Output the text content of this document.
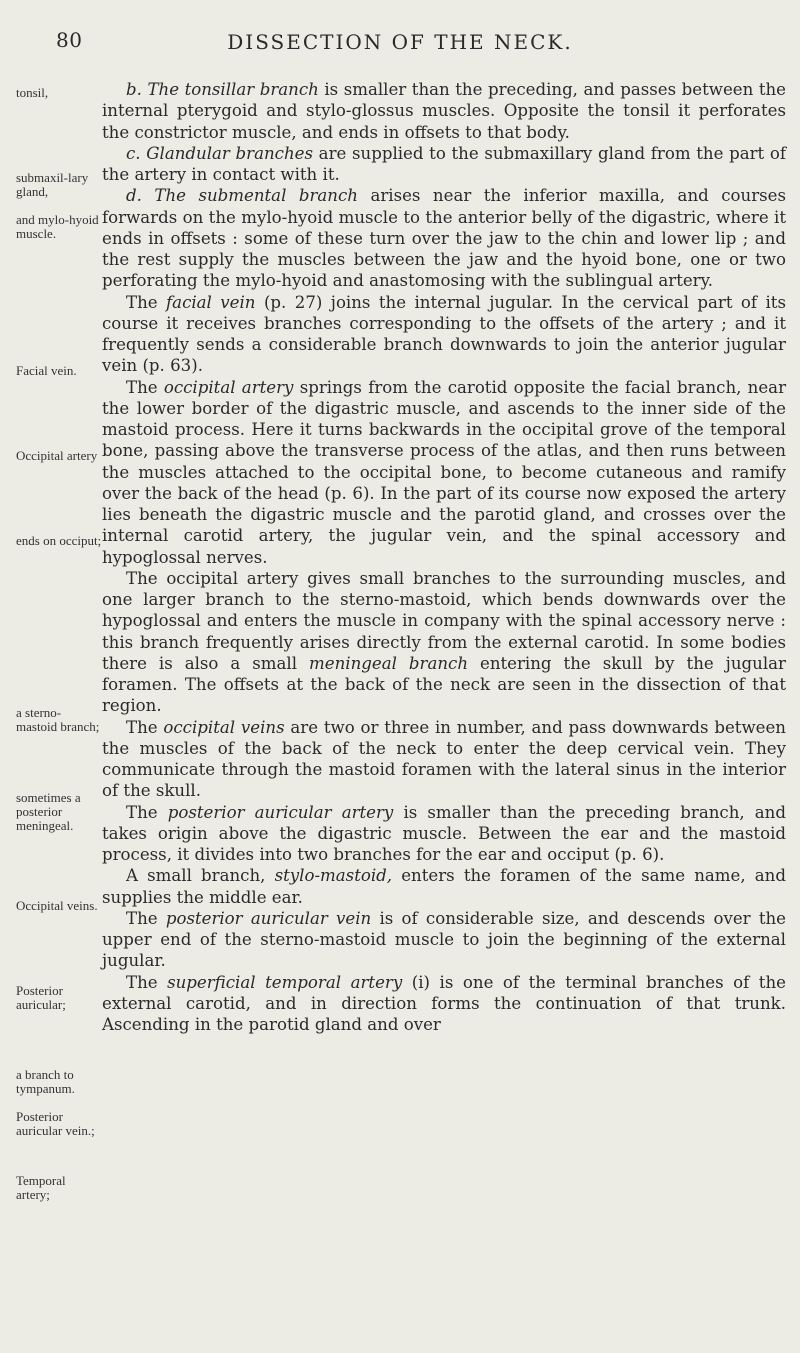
80	DISSECTION OF THE NECK.
tonsil,
submaxil-lary gland,
and mylo-hyoid muscle.
Facial vein.
Occipital artery
ends on occiput;
a sterno-mastoid branch;
sometimes a posterior meningeal.
Occipital veins.
Posterior auricular;
a branch to tympanum.
Posterior auricular vein.;
Temporal artery;

b. The tonsillar branch is smaller than the preceding, and passes between the internal pterygoid and stylo-glossus muscles. Opposite the tonsil it perforates the constrictor muscle, and ends in offsets to that body.

c. Glandular branches are supplied to the submaxillary gland from the part of the artery in contact with it.

d. The submental branch arises near the inferior maxilla, and courses forwards on the mylo-hyoid muscle to the anterior belly of the digastric, where it ends in offsets : some of these turn over the jaw to the chin and lower lip ; and the rest supply the muscles between the jaw and the hyoid bone, one or two perforating the mylo-hyoid and anastomosing with the sublingual artery.

The facial vein (p. 27) joins the internal jugular. In the cervical part of its course it receives branches corresponding to the offsets of the artery ; and it frequently sends a considerable branch downwards to join the anterior jugular vein (p. 63).

The occipital artery springs from the carotid opposite the facial branch, near the lower border of the digastric muscle, and ascends to the inner side of the mastoid process. Here it turns backwards in the occipital grove of the temporal bone, passing above the transverse process of the atlas, and then runs between the muscles attached to the occipital bone, to become cutaneous and ramify over the back of the head (p. 6). In the part of its course now exposed the artery lies beneath the digastric muscle and the parotid gland, and crosses over the internal carotid artery, the jugular vein, and the spinal accessory and hypoglossal nerves.

The occipital artery gives small branches to the surrounding muscles, and one larger branch to the sterno-mastoid, which bends downwards over the hypoglossal and enters the muscle in company with the spinal accessory nerve : this branch frequently arises directly from the external carotid. In some bodies there is also a small meningeal branch entering the skull by the jugular foramen. The offsets at the back of the neck are seen in the dissection of that region.

The occipital veins are two or three in number, and pass downwards between the muscles of the back of the neck to enter the deep cervical vein. They communicate through the mastoid foramen with the lateral sinus in the interior of the skull.

The posterior auricular artery is smaller than the preceding branch, and takes origin above the digastric muscle. Between the ear and the mastoid process, it divides into two branches for the ear and occiput (p. 6).

A small branch, stylo-mastoid, enters the foramen of the same name, and supplies the middle ear.

The posterior auricular vein is of considerable size, and descends over the upper end of the sterno-mastoid muscle to join the beginning of the external jugular.

The superficial temporal artery (i) is one of the terminal branches of the external carotid, and in direction forms the continuation of that trunk. Ascending in the parotid gland and over
